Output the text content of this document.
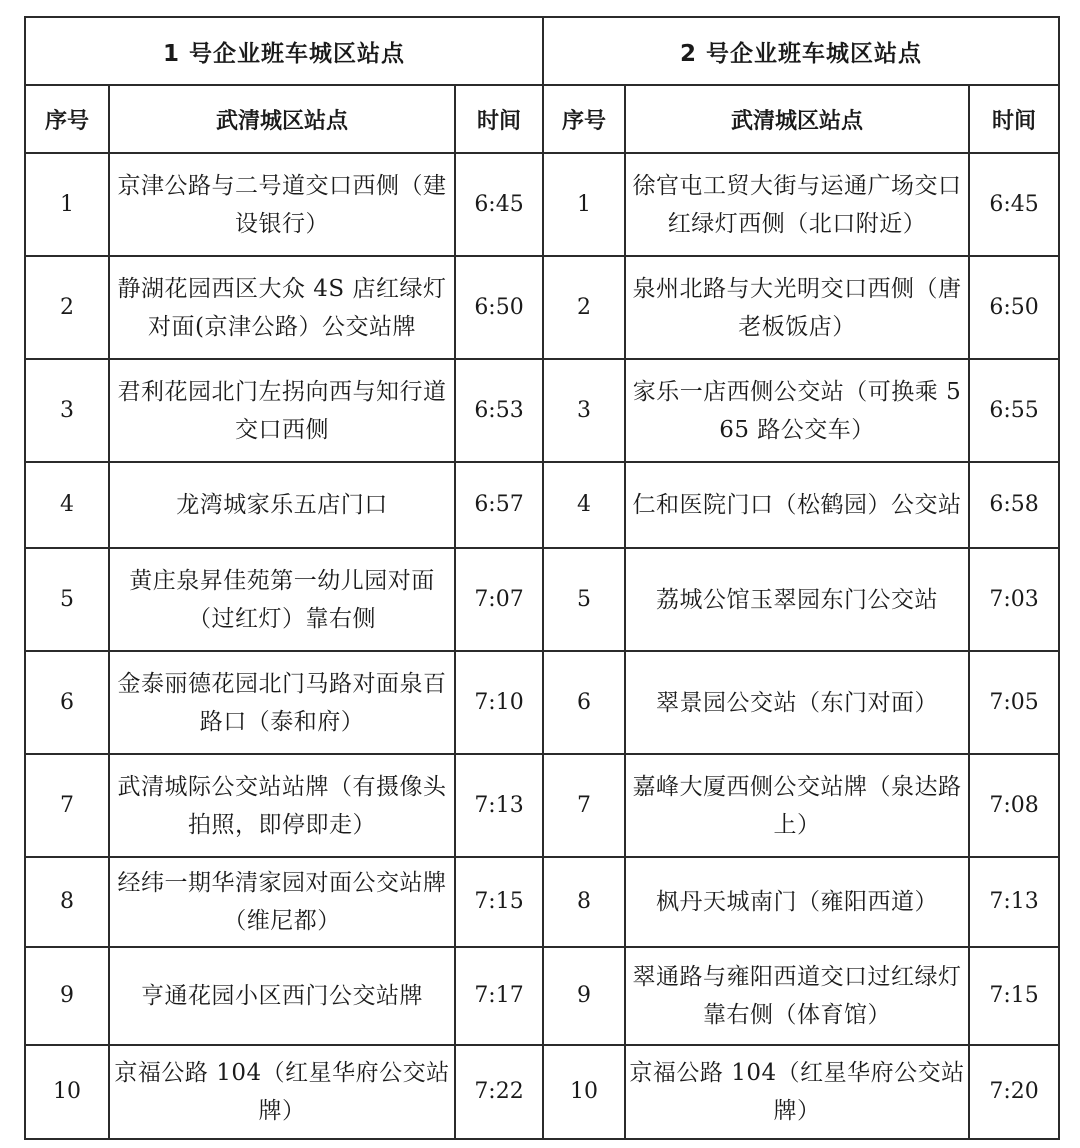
1 号企业班车城区站点			2 号企业班车城区站点		
序号	武清城区站点	时间	序号	武清城区站点	时间
1	京津公路与二号道交口西侧（建设银行）	6:45	1	徐官屯工贸大街与运通广场交口红绿灯西侧（北口附近）	6:45
2	静湖花园西区大众 4S 店红绿灯对面(京津公路）公交站牌	6:50	2	泉州北路与大光明交口西侧（唐老板饭店）	6:50
3	君利花园北门左拐向西与知行道交口西侧	6:53	3	家乐一店西侧公交站（可换乘 565 路公交车）	6:55
4	龙湾城家乐五店门口	6:57	4	仁和医院门口（松鹤园）公交站	6:58
5	黄庄泉昇佳苑第一幼儿园对面（过红灯）靠右侧	7:07	5	荔城公馆玉翠园东门公交站	7:03
6	金泰丽德花园北门马路对面泉百路口（泰和府）	7:10	6	翠景园公交站（东门对面）	7:05
7	武清城际公交站站牌（有摄像头拍照，即停即走）	7:13	7	嘉峰大厦西侧公交站牌（泉达路上）	7:08
8	经纬一期华清家园对面公交站牌（维尼都）	7:15	8	枫丹天城南门（雍阳西道）	7:13
9	亨通花园小区西门公交站牌	7:17	9	翠通路与雍阳西道交口过红绿灯靠右侧（体育馆）	7:15
10	京福公路 104（红星华府公交站牌）	7:22	10	京福公路 104（红星华府公交站牌）	7:20
